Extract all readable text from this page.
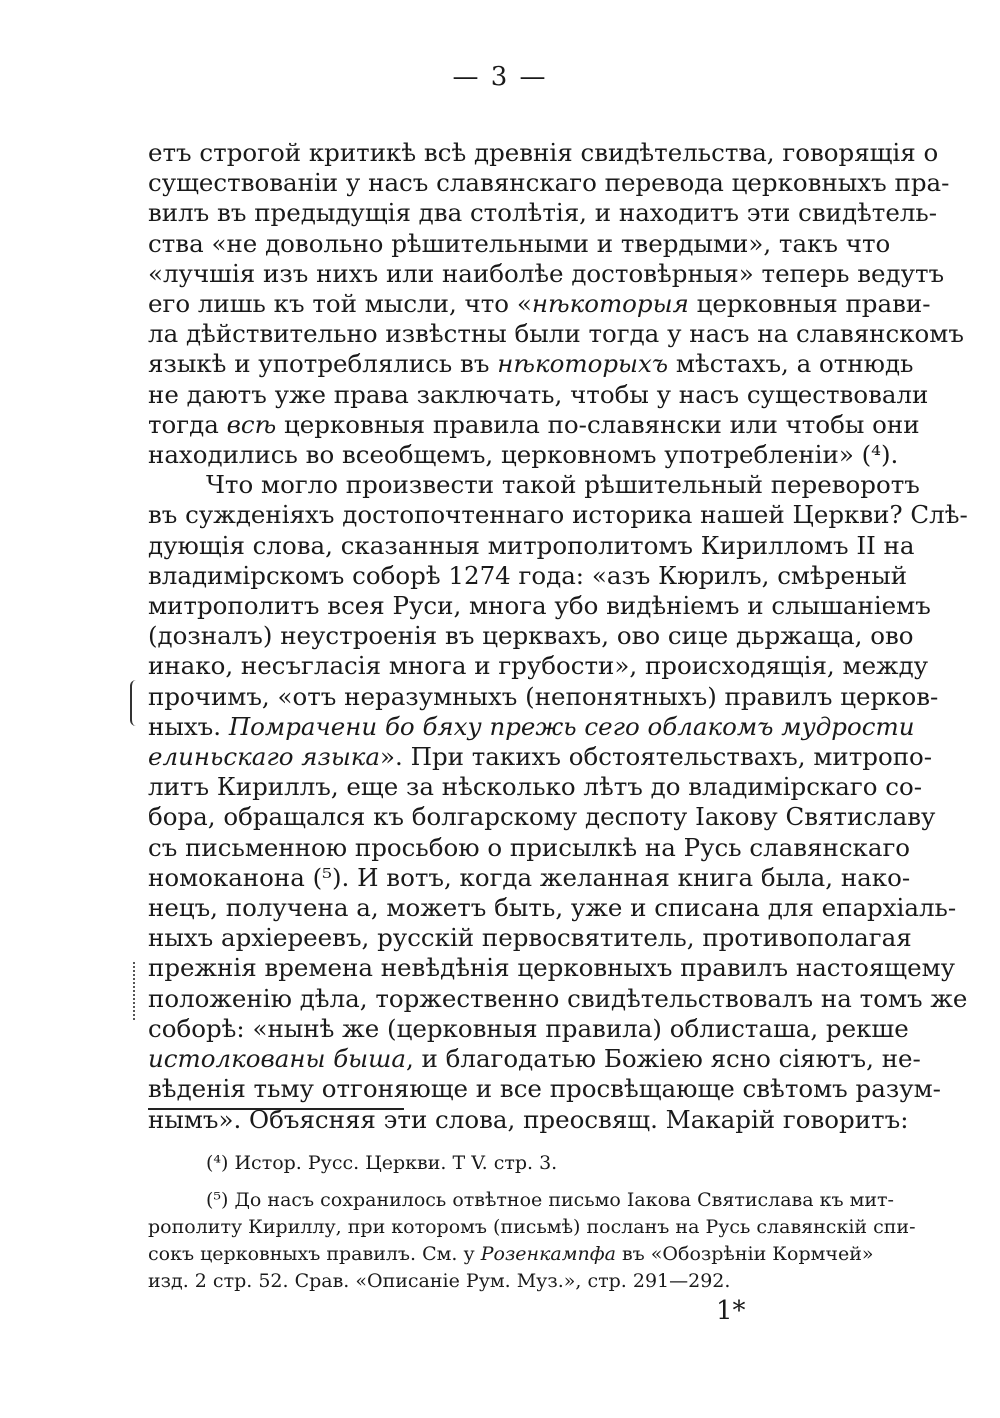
— 3 —
етъ строгой критикѣ всѣ древнія свидѣтельства, говорящія о
существованіи у насъ славянскаго перевода церковныхъ пра-
вилъ въ предыдущія два столѣтія, и находитъ эти свидѣтель-
ства «не довольно рѣшительными и твердыми», такъ что
«лучшія изъ нихъ или наиболѣе достовѣрныя» теперь ведутъ
его лишь къ той мысли, что «нѣкоторыя церковныя прави-
ла дѣйствительно извѣстны были тогда у насъ на славянскомъ
языкѣ и употреблялись въ нѣкоторыхъ мѣстахъ, а отнюдь
не даютъ уже права заключать, чтобы у насъ существовали
тогда всѣ церковныя правила по-славянски или чтобы они
находились во всеобщемъ, церковномъ употребленіи» (⁴).
Что могло произвести такой рѣшительный переворотъ
въ сужденіяхъ достопочтеннаго историка нашей Церкви? Слѣ-
дующія слова, сказанныя митрополитомъ Кирилломъ II на
владимірскомъ соборѣ 1274 года: «азъ Кюрилъ, смѣреный
митрополитъ всея Руси, многа убо видѣніемъ и слышаніемъ
(дозналъ) неустроенія въ церквахъ, ово сице дьржаща, ово
инако, несъгласія многа и грубости», происходящія, между
прочимъ, «отъ неразумныхъ (непонятныхъ) правилъ церков-
ныхъ. Помрачени бо бяху прежь сего облакомъ мудрости
елиньскаго языка». При такихъ обстоятельствахъ, митропо-
литъ Кириллъ, еще за нѣсколько лѣтъ до владимірскаго со-
бора, обращался къ болгарскому деспоту Іакову Святиславу
съ письменною просьбою о присылкѣ на Русь славянскаго
номоканона (⁵). И вотъ, когда желанная книга была, нако-
нецъ, получена а, можетъ быть, уже и списана для епархіаль-
ныхъ архіереевъ, русскій первосвятитель, противополагая
прежнія времена невѣдѣнія церковныхъ правилъ настоящему
положенію дѣла, торжественно свидѣтельствовалъ на томъ же
соборѣ: «нынѣ же (церковныя правила) облисташа, рекше
истолкованы быша, и благодатью Божіею ясно сіяютъ, не-
вѣденія тьму отгоняюще и все просвѣщающе свѣтомъ разум-
нымъ». Объясняя эти слова, преосвящ. Макарій говоритъ:
(⁴) Истор. Русс. Церкви. Т V. стр. 3.
(⁵) До насъ сохранилось отвѣтное письмо Іакова Святислава къ мит-
рополиту Кириллу, при которомъ (письмѣ) посланъ на Русь славянскій спи-
сокъ церковныхъ правилъ. См. у Розенкампфа въ «Обозрѣніи Кормчей»
изд. 2 стр. 52. Срав. «Описаніе Рум. Муз.», стр. 291—292.
1*
